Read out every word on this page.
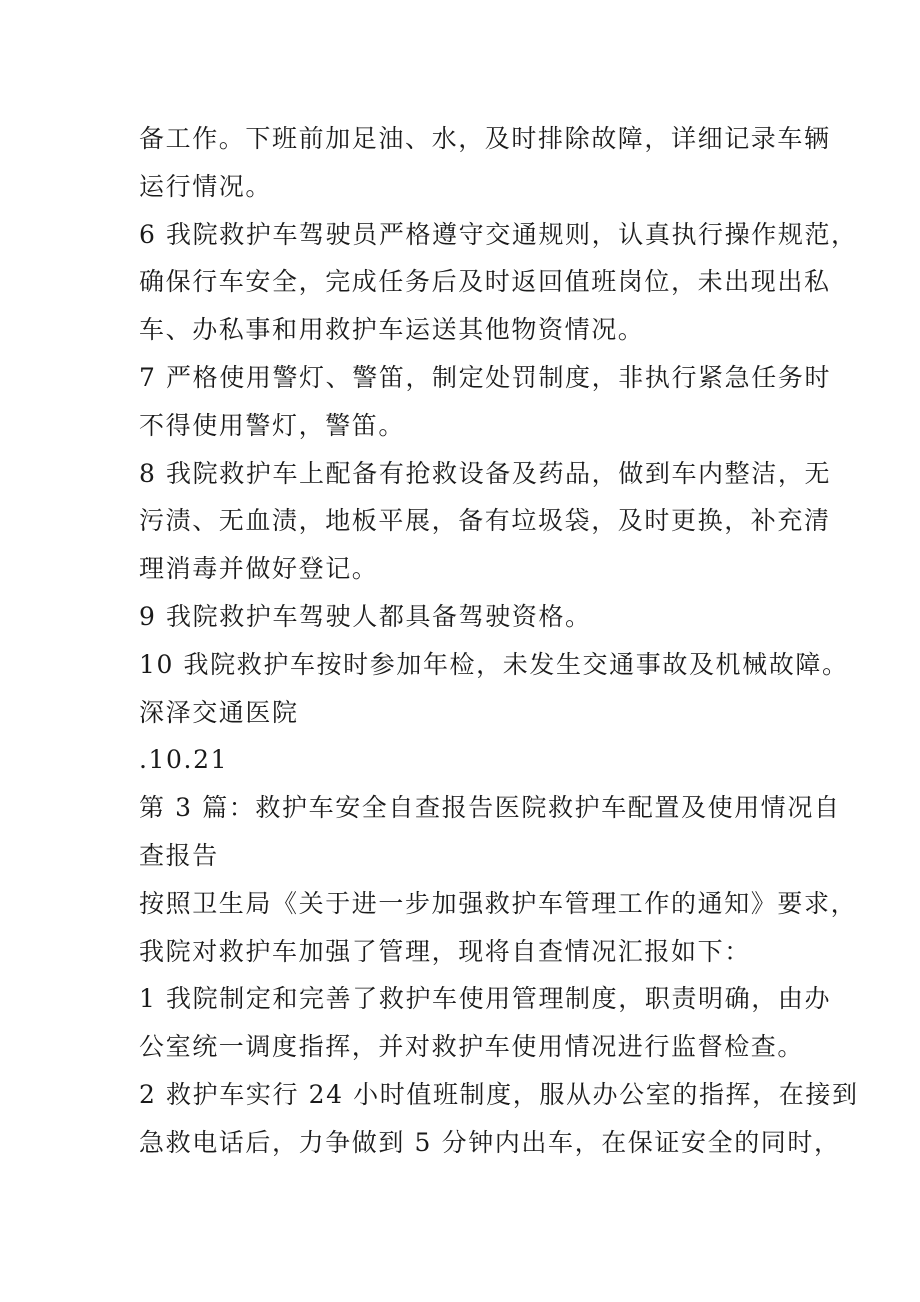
备工作。下班前加足油、水，及时排除故障，详细记录车辆
运行情况。
6 我院救护车驾驶员严格遵守交通规则，认真执行操作规范，
确保行车安全，完成任务后及时返回值班岗位，未出现出私
车、办私事和用救护车运送其他物资情况。
7 严格使用警灯、警笛，制定处罚制度，非执行紧急任务时
不得使用警灯，警笛。
8 我院救护车上配备有抢救设备及药品，做到车内整洁，无
污渍、无血渍，地板平展，备有垃圾袋，及时更换，补充清
理消毒并做好登记。
9 我院救护车驾驶人都具备驾驶资格。
10 我院救护车按时参加年检，未发生交通事故及机械故障。
深泽交通医院
.10.21
第 3 篇：救护车安全自查报告医院救护车配置及使用情况自
查报告
按照卫生局《关于进一步加强救护车管理工作的通知》要求，
我院对救护车加强了管理，现将自查情况汇报如下：
1 我院制定和完善了救护车使用管理制度，职责明确，由办
公室统一调度指挥，并对救护车使用情况进行监督检查。
2 救护车实行 24 小时值班制度，服从办公室的指挥，在接到
急救电话后，力争做到 5 分钟内出车，在保证安全的同时，
